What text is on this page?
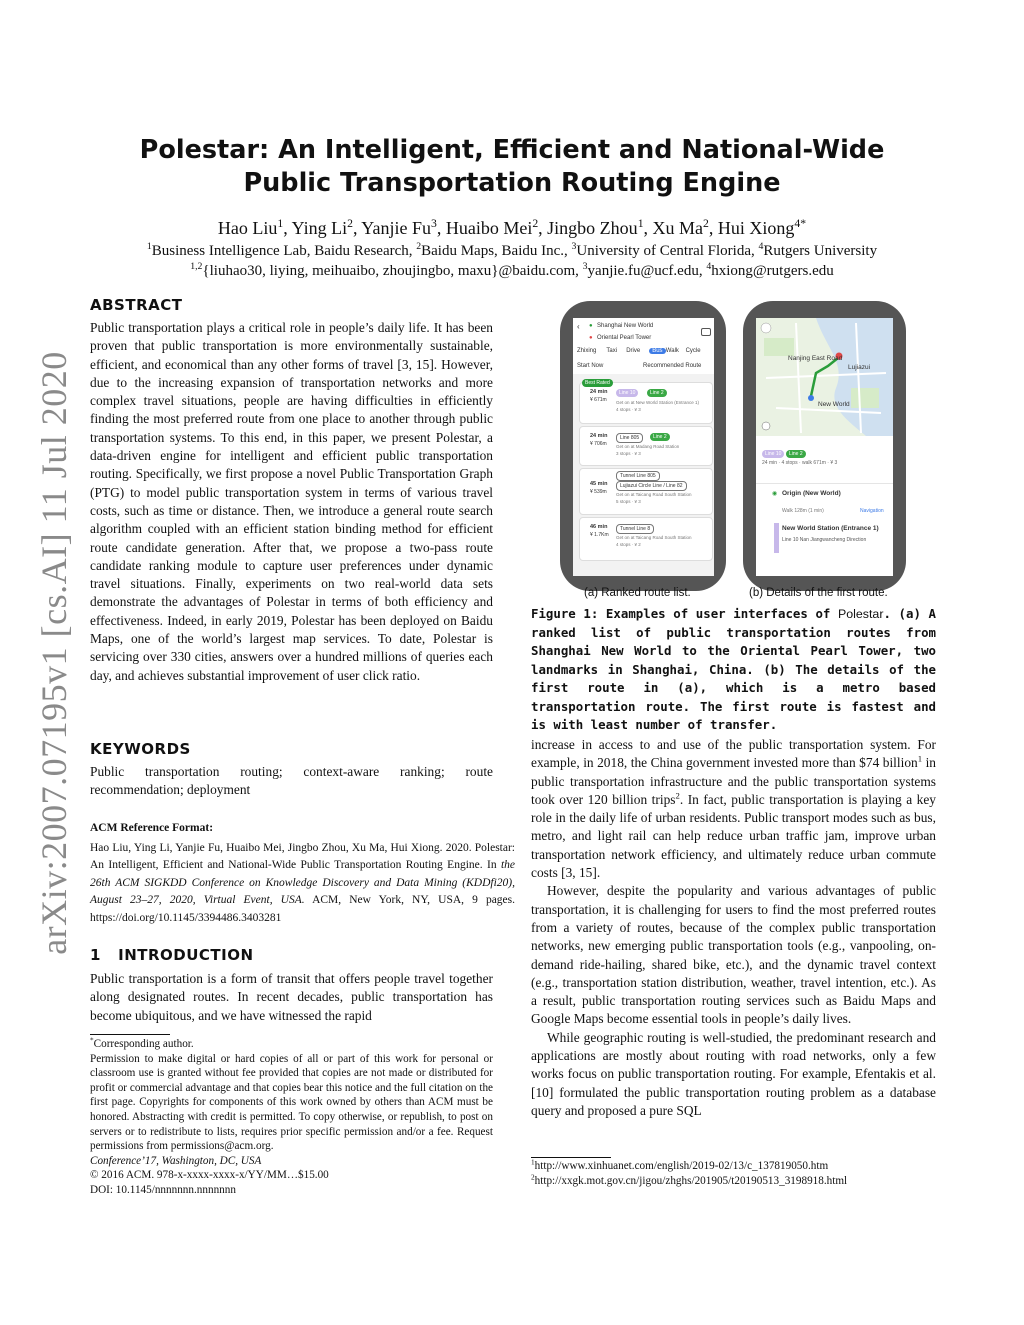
arXiv:2007.07195v1 [cs.AI] 11 Jul 2020
Polestar: An Intelligent, Efficient and National-Wide
Public Transportation Routing Engine
Hao Liu$^1$, Ying Li$^2$, Yanjie Fu$^3$, Huaibo Mei$^2$, Jingbo Zhou$^1$, Xu Ma$^2$, Hui Xiong$^{4*}$
$^1$Business Intelligence Lab, Baidu Research, $^2$Baidu Maps, Baidu Inc., $^3$University of Central Florida, $^4$Rutgers University
$^{1,2}${liuhao30, liying, meihuaibo, zhoujingbo, maxu}@baidu.com, $^3$yanjie.fu@ucf.edu, $^4$hxiong@rutgers.edu
ABSTRACT
Public transportation plays a critical role in people’s daily life. It has been proven that public transportation is more environmentally sustainable, efficient, and economical than any other forms of travel [3, 15]. However, due to the increasing expansion of transportation networks and more complex travel situations, people are having difficulties in efficiently finding the most preferred route from one place to another through public transportation systems. To this end, in this paper, we present Polestar, a data-driven engine for intelligent and efficient public transportation routing. Specifically, we first propose a novel Public Transportation Graph (PTG) to model public transportation system in terms of various travel costs, such as time or distance. Then, we introduce a general route search algorithm coupled with an efficient station binding method for efficient route candidate generation. After that, we propose a two-pass route candidate ranking module to capture user preferences under dynamic travel situations. Finally, experiments on two real-world data sets demonstrate the advantages of Polestar in terms of both efficiency and effectiveness. Indeed, in early 2019, Polestar has been deployed on Baidu Maps, one of the world’s largest map services. To date, Polestar is servicing over 330 cities, answers over a hundred millions of queries each day, and achieves substantial improvement of user click ratio.
KEYWORDS
Public transportation routing; context-aware ranking; route recommendation; deployment
ACM Reference Format:
Hao Liu, Ying Li, Yanjie Fu, Huaibo Mei, Jingbo Zhou, Xu Ma, Hui Xiong. 2020. Polestar: An Intelligent, Efficient and National-Wide Public Transportation Routing Engine. In the 26th ACM SIGKDD Conference on Knowledge Discovery and Data Mining (KDDfi20), August 23–27, 2020, Virtual Event, USA. ACM, New York, NY, USA, 9 pages. https://doi.org/10.1145/3394486.3403281
1 INTRODUCTION
Public transportation is a form of transit that offers people travel together along designated routes. In recent decades, public transportation has become ubiquitous, and we have witnessed the rapid
*Corresponding author.
Permission to make digital or hard copies of all or part of this work for personal or classroom use is granted without fee provided that copies are not made or distributed for profit or commercial advantage and that copies bear this notice and the full citation on the first page. Copyrights for components of this work owned by others than ACM must be honored. Abstracting with credit is permitted. To copy otherwise, or republish, to post on servers or to redistribute to lists, requires prior specific permission and/or a fee. Request permissions from permissions@acm.org.
Conference’17, Washington, DC, USA
© 2016 ACM. 978-x-xxxx-xxxx-x/YY/MM…$15.00
DOI: 10.1145/nnnnnnn.nnnnnnn
‹ ● Shanghai New World
● Oriental Pearl Tower
Zhixing Taxi Drive	Bus Walk Cycle
Start Now	Recommended Route
Best Rated
24 min
¥ 671m
Line 10	Line 2
Get on at New World Station (Entrance 1)
4 stops · ¥ 3
24 min
¥ 706m
Line 805	Line 2
Get on at Madang Road Station
3 stops · ¥ 3
45 min
¥ 539m
Tunnel Line 805
Lujiazui Circle Line / Line 82
Get on at Taicang Road South Station
5 stops · ¥ 3
46 min
¥ 1.7Km
Tunnel Line 8
Get on at Taicang Road South Station
4 stops · ¥ 2
Nanjing East Road
Lujiazui
New World
Line 10	Line 2
24 min · 4 stops · walk 671m · ¥ 3
◉ Origin (New World)
Walk 128m (1 min)	Navigation
New World Station (Entrance 1)
Line 10 Nan Jiangwancheng Direction
(a) Ranked route list.	(b) Details of the first route.
Figure 1: Examples of user interfaces of Polestar. (a) A ranked list of public transportation routes from Shanghai New World to the Oriental Pearl Tower, two landmarks in Shanghai, China. (b) The details of the first route in (a), which is a metro based transportation route. The first route is fastest and is with least number of transfer.

increase in access to and use of the public transportation system. For example, in 2018, the China government invested more than $74 billion$^1$ in public transportation infrastructure and the public transportation systems took over 120 billion trips$^2$. In fact, public transportation is playing a key role in the daily life of urban residents. Public transport modes such as bus, metro, and light rail can help reduce urban traffic jam, improve urban transportation network efficiency, and ultimately reduce urban commute costs [3, 15].

However, despite the popularity and various advantages of public transportation, it is challenging for users to find the most preferred routes from a variety of routes, because of the complex public transportation networks, new emerging public transportation tools (e.g., vanpooling, on-demand ride-hailing, shared bike, etc.), and the dynamic travel context (e.g., transportation station distribution, weather, travel intention, etc.). As a result, public transportation routing services such as Baidu Maps and Google Maps become essential tools in people’s daily lives.

While geographic routing is well-studied, the predominant research and applications are mostly about routing with road networks, only a few works focus on public transportation routing. For example, Efentakis et al. [10] formulated the public transportation routing problem as a database query and proposed a pure SQL

$^1$http://www.xinhuanet.com/english/2019-02/13/c_137819050.htm
$^2$http://xxgk.mot.gov.cn/jigou/zhghs/201905/t20190513_3198918.html
